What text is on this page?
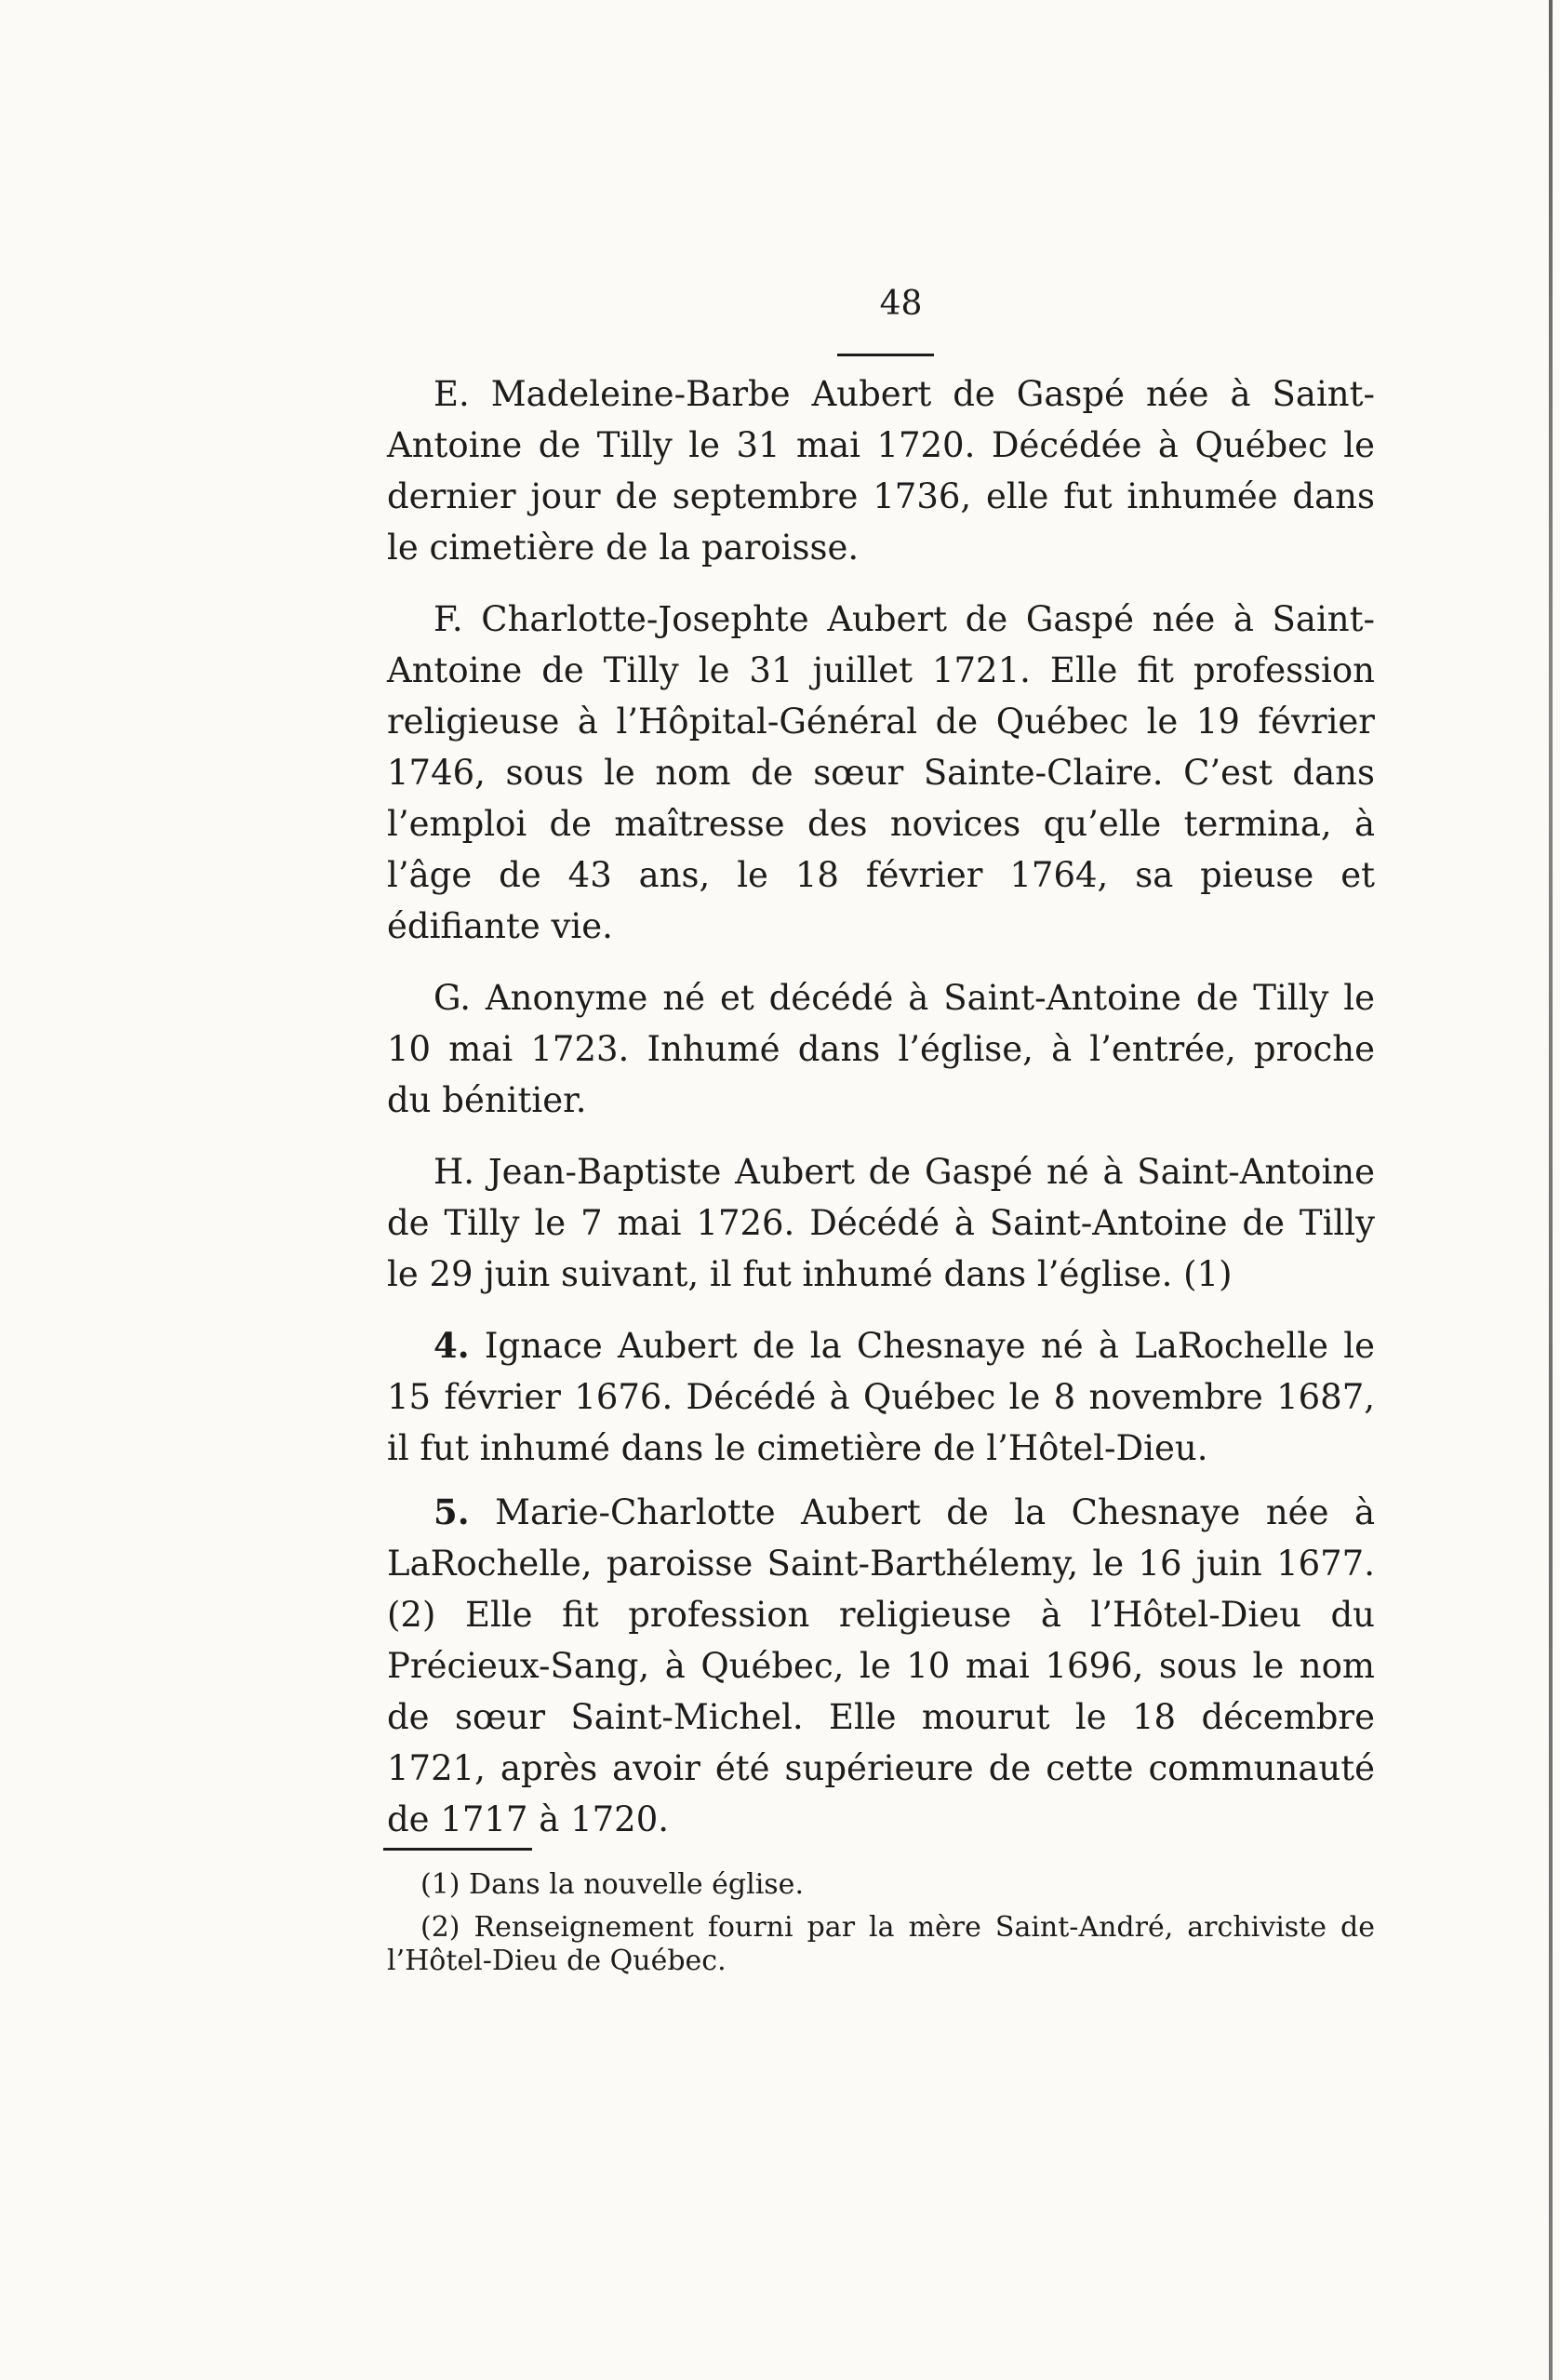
48

E. Madeleine-Barbe Aubert de Gaspé née à Saint-Antoine de Tilly le 31 mai 1720. Décédée à Québec le dernier jour de septembre 1736, elle fut inhumée dans le cimetière de la paroisse.

F. Charlotte-Josephte Aubert de Gaspé née à Saint-Antoine de Tilly le 31 juillet 1721. Elle fit profession religieuse à l’Hôpital-Général de Québec le 19 février 1746, sous le nom de sœur Sainte-Claire. C’est dans l’emploi de maîtresse des novices qu’elle termina, à l’âge de 43 ans, le 18 février 1764, sa pieuse et édifiante vie.

G. Anonyme né et décédé à Saint-Antoine de Tilly le 10 mai 1723. Inhumé dans l’église, à l’entrée, proche du bénitier.

H. Jean-Baptiste Aubert de Gaspé né à Saint-Antoine de Tilly le 7 mai 1726. Décédé à Saint-Antoine de Tilly le 29 juin suivant, il fut inhumé dans l’église. (1)

4. Ignace Aubert de la Chesnaye né à LaRochelle le 15 février 1676. Décédé à Québec le 8 novembre 1687, il fut inhumé dans le cimetière de l’Hôtel-Dieu.

5. Marie-Charlotte Aubert de la Chesnaye née à LaRochelle, paroisse Saint-Barthélemy, le 16 juin 1677. (2) Elle fit profession religieuse à l’Hôtel-Dieu du Précieux-Sang, à Québec, le 10 mai 1696, sous le nom de sœur Saint-Michel. Elle mourut le 18 décembre 1721, après avoir été supérieure de cette communauté de 1717 à 1720.

(1) Dans la nouvelle église.

(2) Renseignement fourni par la mère Saint-André, archiviste de l’Hôtel-Dieu de Québec.
